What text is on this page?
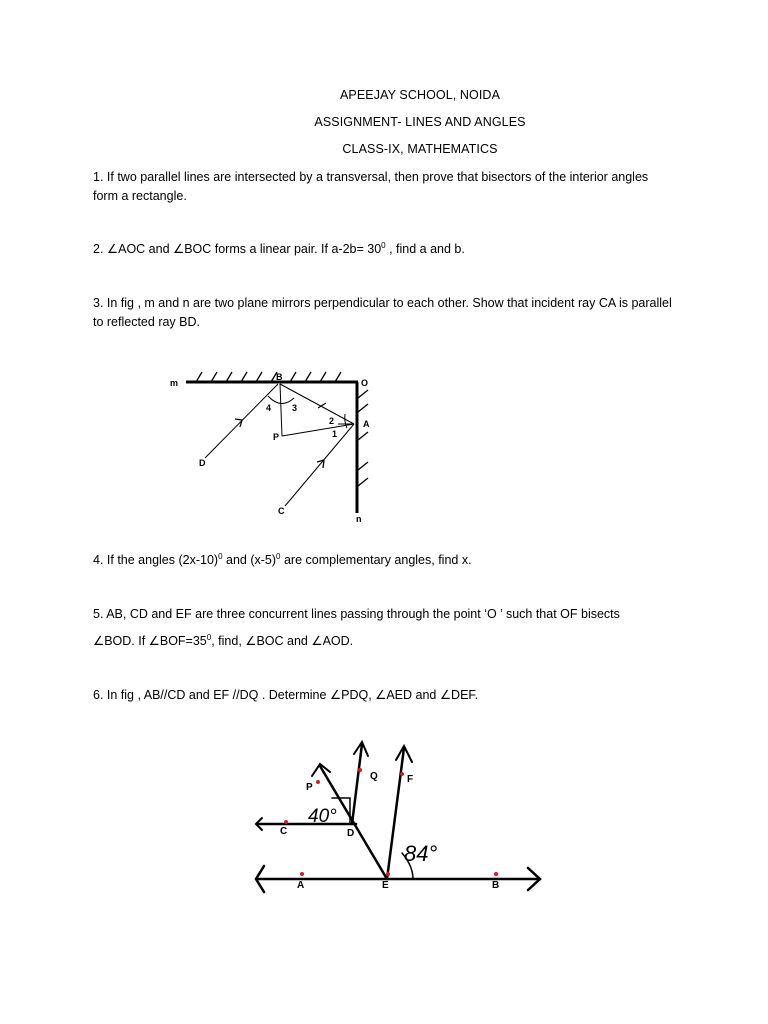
APEEJAY SCHOOL, NOIDA
ASSIGNMENT- LINES AND ANGLES
CLASS-IX, MATHEMATICS
1. If two parallel lines are intersected by a transversal, then prove that bisectors of the interior angles form a rectangle.
2. ∠AOC and ∠BOC forms a linear pair. If $a-2b= 30^0$ , find a and b.
3. In fig , m and n are two plane mirrors perpendicular to each other. Show that incident ray CA is parallel to reflected ray BD.
m
B
O
A
P
D
C
n
1
2
3
4
4. If the angles $(2x-10)^0$ and $(x-5)^0$ are complementary angles, find x.
5. AB, CD and EF are three concurrent lines passing through the point ‘O ’ such that OF bisects
∠BOD. If $\angle BOF=35^0$, find, ∠BOC and ∠AOD.
6. In fig , AB//CD and EF //DQ . Determine ∠PDQ, ∠AED and ∠DEF.
P
Q	F
C	D
A	E	B
40°
84°
